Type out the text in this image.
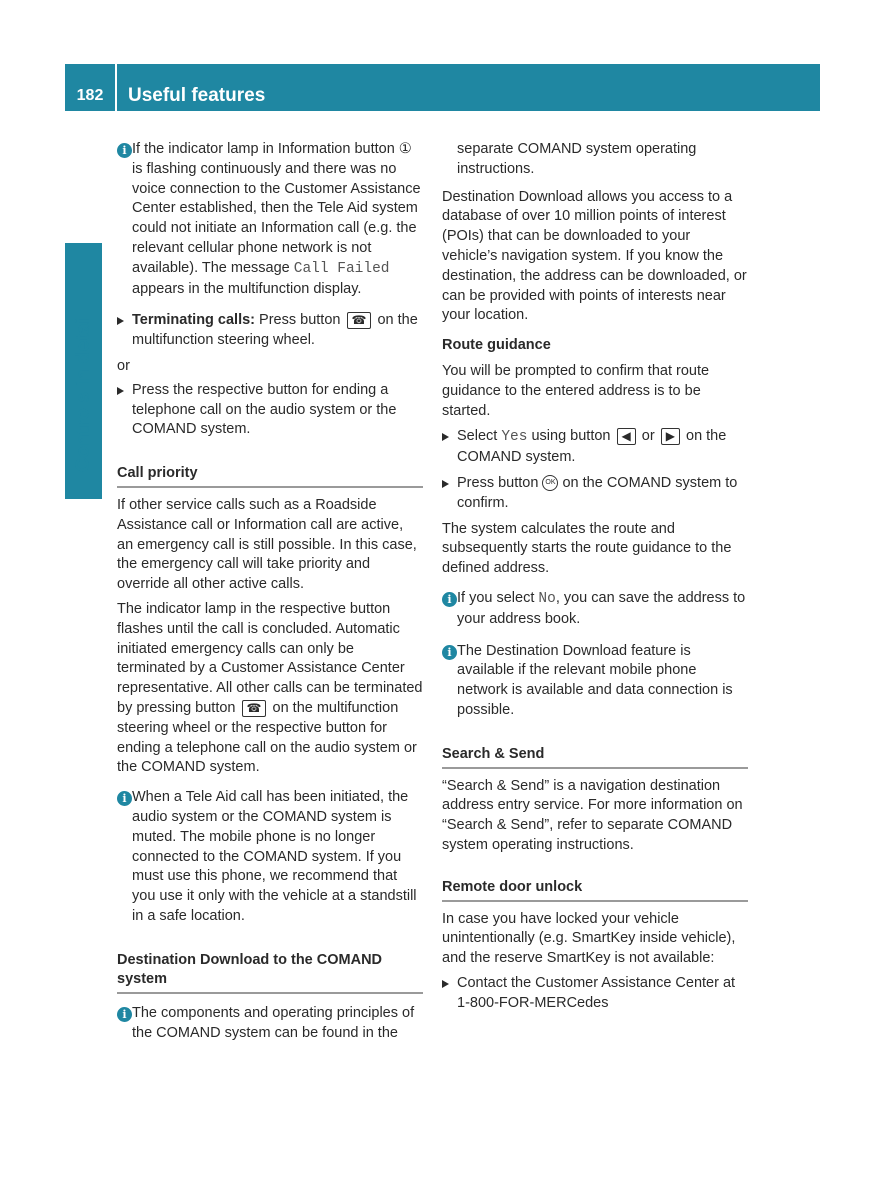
182	Useful features
Controls in detail
i If the indicator lamp in Information button ① is flashing continuously and there was no voice connection to the Customer Assistance Center established, then the Tele Aid system could not initiate an Information call (e.g. the relevant cellular phone network is not available). The message Call Failed appears in the multifunction display.
Terminating calls: Press button ☎ on the multifunction steering wheel.
or
Press the respective button for ending a telephone call on the audio system or the COMAND system.
Call priority

If other service calls such as a Roadside Assistance call or Information call are active, an emergency call is still possible. In this case, the emergency call will take priority and override all other active calls.

The indicator lamp in the respective button flashes until the call is concluded. Automatic initiated emergency calls can only be terminated by a Customer Assistance Center representative. All other calls can be terminated by pressing button ☎ on the multifunction steering wheel or the respective button for ending a telephone call on the audio system or the COMAND system.

i When a Tele Aid call has been initiated, the audio system or the COMAND system is muted. The mobile phone is no longer connected to the COMAND system. If you must use this phone, we recommend that you use it only with the vehicle at a standstill in a safe location.
Destination Download to the COMAND system
i The components and operating principles of the COMAND system can be found in the

separate COMAND system operating instructions.

Destination Download allows you access to a database of over 10 million points of interest (POIs) that can be downloaded to your vehicle’s navigation system. If you know the destination, the address can be downloaded, or can be provided with points of interests near your location.

Route guidance

You will be prompted to confirm that route guidance to the entered address is to be started.

Select Yes using button ◀ or ▶ on the COMAND system.
Press button OK on the COMAND system to confirm.

The system calculates the route and subsequently starts the route guidance to the defined address.

i If you select No, you can save the address to your address book.
i The Destination Download feature is available if the relevant mobile phone network is available and data connection is possible.
Search & Send

“Search & Send” is a navigation destination address entry service. For more information on “Search & Send”, refer to separate COMAND system operating instructions.

Remote door unlock

In case you have locked your vehicle unintentionally (e.g. SmartKey inside vehicle), and the reserve SmartKey is not available:

Contact the Customer Assistance Center at 1-800-FOR-MERCedes
